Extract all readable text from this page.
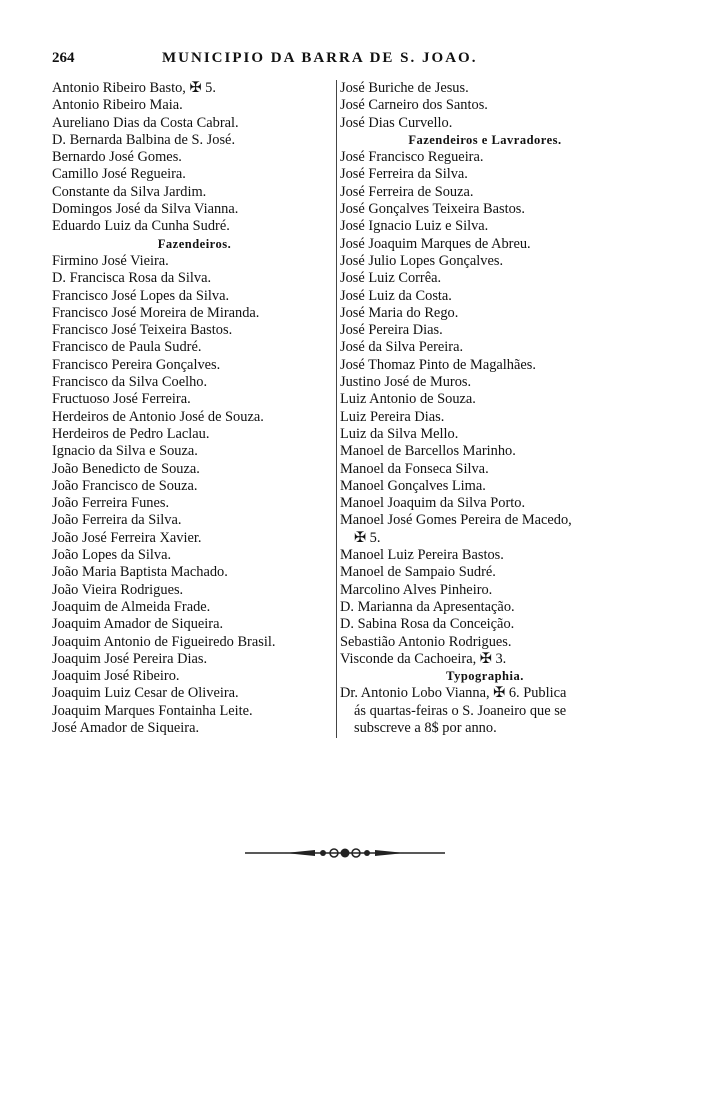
264	MUNICIPIO DA BARRA DE S. JOAO.
Antonio Ribeiro Basto, ✠ 5.
Antonio Ribeiro Maia.
Aureliano Dias da Costa Cabral.
D. Bernarda Balbina de S. José.
Bernardo José Gomes.
Camillo José Regueira.
Constante da Silva Jardim.
Domingos José da Silva Vianna.
Eduardo Luiz da Cunha Sudré.
Fazendeiros.
Firmino José Vieira.
D. Francisca Rosa da Silva.
Francisco José Lopes da Silva.
Francisco José Moreira de Miranda.
Francisco José Teixeira Bastos.
Francisco de Paula Sudré.
Francisco Pereira Gonçalves.
Francisco da Silva Coelho.
Fructuoso José Ferreira.
Herdeiros de Antonio José de Souza.
Herdeiros de Pedro Laclau.
Ignacio da Silva e Souza.
João Benedicto de Souza.
João Francisco de Souza.
João Ferreira Funes.
João Ferreira da Silva.
João José Ferreira Xavier.
João Lopes da Silva.
João Maria Baptista Machado.
João Vieira Rodrigues.
Joaquim de Almeida Frade.
Joaquim Amador de Siqueira.
Joaquim Antonio de Figueiredo Brasil.
Joaquim José Pereira Dias.
Joaquim José Ribeiro.
Joaquim Luiz Cesar de Oliveira.
Joaquim Marques Fontainha Leite.
José Amador de Siqueira.
José Buriche de Jesus.
José Carneiro dos Santos.
José Dias Curvello.
Fazendeiros e Lavradores.
José Francisco Regueira.
José Ferreira da Silva.
José Ferreira de Souza.
José Gonçalves Teixeira Bastos.
José Ignacio Luiz e Silva.
José Joaquim Marques de Abreu.
José Julio Lopes Gonçalves.
José Luiz Corrêa.
José Luiz da Costa.
José Maria do Rego.
José Pereira Dias.
José da Silva Pereira.
José Thomaz Pinto de Magalhães.
Justino José de Muros.
Luiz Antonio de Souza.
Luiz Pereira Dias.
Luiz da Silva Mello.
Manoel de Barcellos Marinho.
Manoel da Fonseca Silva.
Manoel Gonçalves Lima.
Manoel Joaquim da Silva Porto.
Manoel José Gomes Pereira de Macedo,
✠ 5.
Manoel Luiz Pereira Bastos.
Manoel de Sampaio Sudré.
Marcolino Alves Pinheiro.
D. Marianna da Apresentação.
D. Sabina Rosa da Conceição.
Sebastião Antonio Rodrigues.
Visconde da Cachoeira, ✠ 3.
Typographia.
Dr. Antonio Lobo Vianna, ✠ 6. Publica
ás quartas-feiras o S. Joaneiro que se
subscreve a 8$ por anno.
